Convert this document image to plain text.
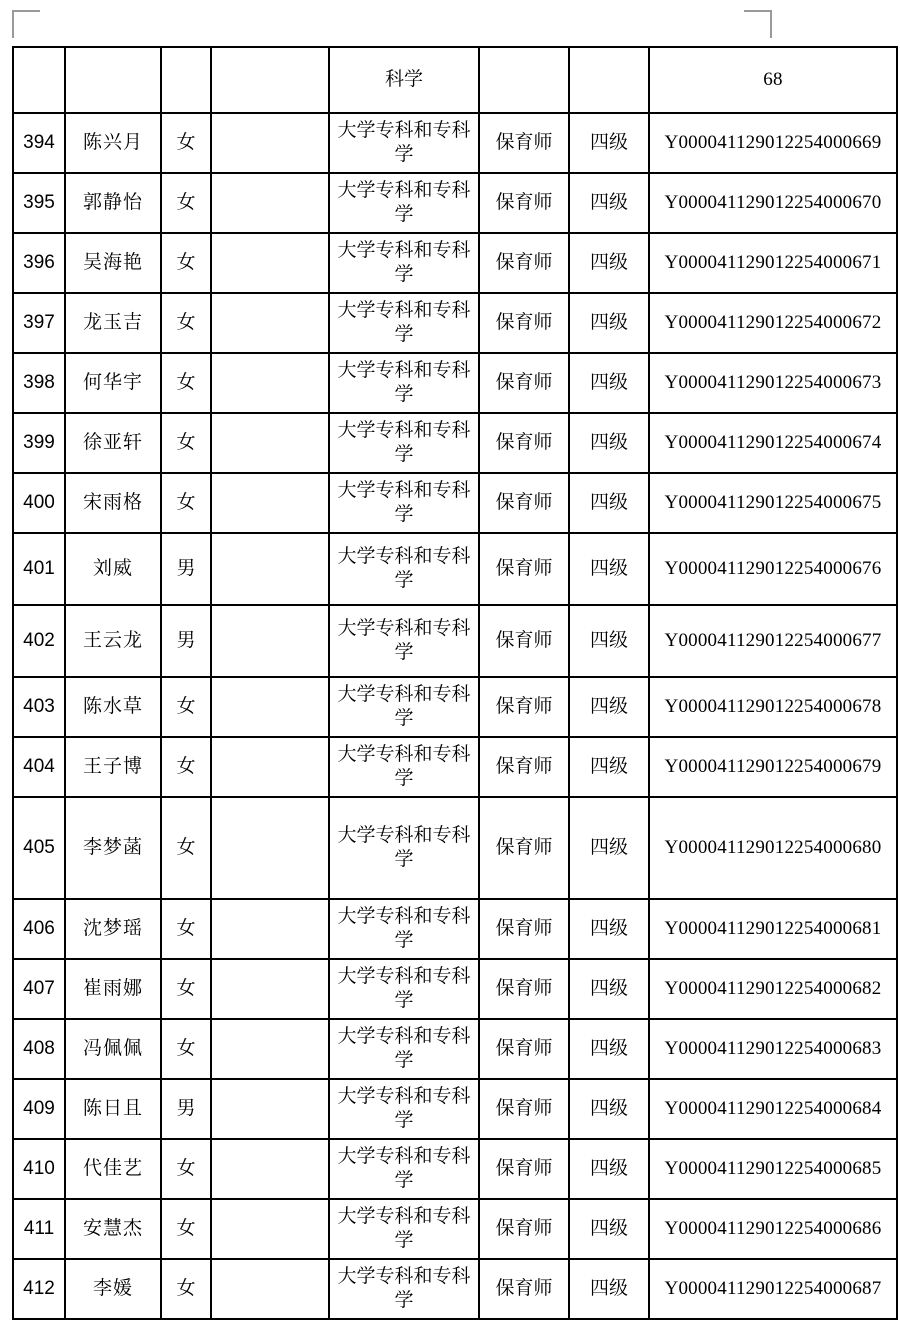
				科学			68
394	陈兴月	女		大学专科和专科学	保育师	四级	Y000041129012254000669
395	郭静怡	女		大学专科和专科学	保育师	四级	Y000041129012254000670
396	吴海艳	女		大学专科和专科学	保育师	四级	Y000041129012254000671
397	龙玉吉	女		大学专科和专科学	保育师	四级	Y000041129012254000672
398	何华宇	女		大学专科和专科学	保育师	四级	Y000041129012254000673
399	徐亚轩	女		大学专科和专科学	保育师	四级	Y000041129012254000674
400	宋雨格	女		大学专科和专科学	保育师	四级	Y000041129012254000675
401	刘威	男		大学专科和专科学	保育师	四级	Y000041129012254000676
402	王云龙	男		大学专科和专科学	保育师	四级	Y000041129012254000677
403	陈水草	女		大学专科和专科学	保育师	四级	Y000041129012254000678
404	王子博	女		大学专科和专科学	保育师	四级	Y000041129012254000679
405	李梦菡	女		大学专科和专科学	保育师	四级	Y000041129012254000680
406	沈梦瑶	女		大学专科和专科学	保育师	四级	Y000041129012254000681
407	崔雨娜	女		大学专科和专科学	保育师	四级	Y000041129012254000682
408	冯佩佩	女		大学专科和专科学	保育师	四级	Y000041129012254000683
409	陈日且	男		大学专科和专科学	保育师	四级	Y000041129012254000684
410	代佳艺	女		大学专科和专科学	保育师	四级	Y000041129012254000685
411	安慧杰	女		大学专科和专科学	保育师	四级	Y000041129012254000686
412	李媛	女		大学专科和专科学	保育师	四级	Y000041129012254000687
